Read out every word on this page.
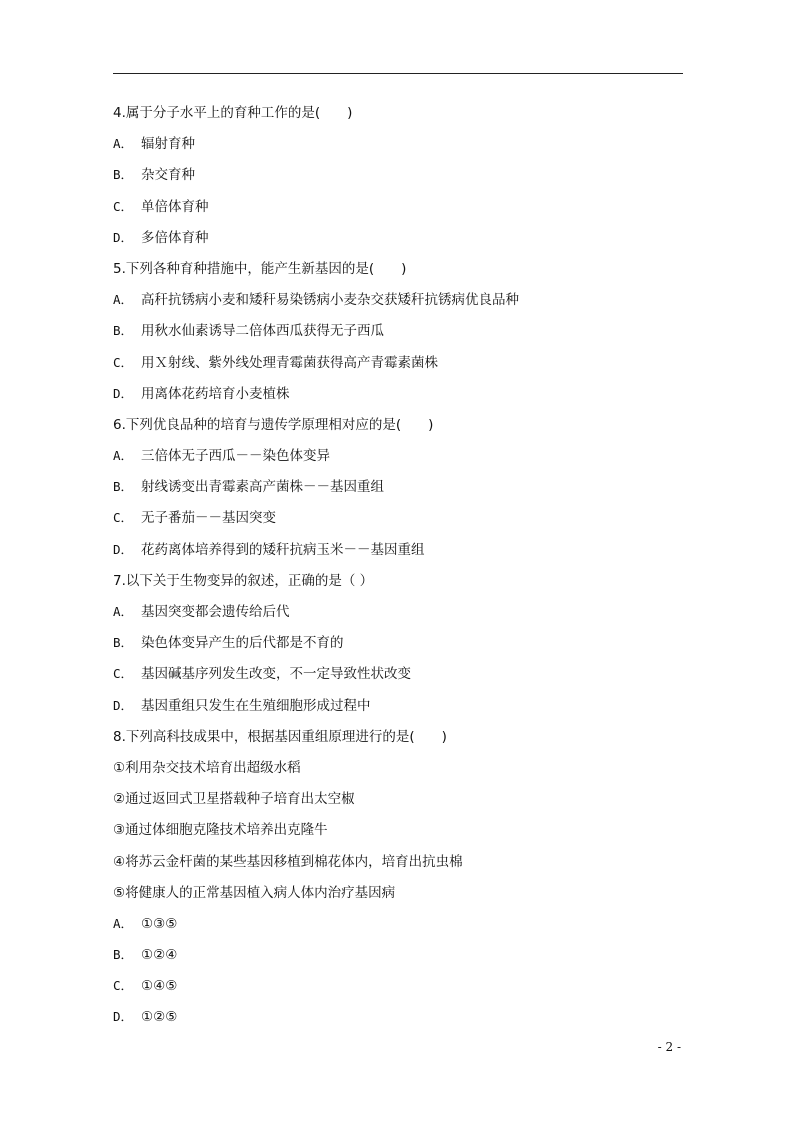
4.属于分子水平上的育种工作的是(　　)
A． 辐射育种
B． 杂交育种
C． 单倍体育种
D． 多倍体育种
5.下列各种育种措施中，能产生新基因的是(　　)
A． 高秆抗锈病小麦和矮秆易染锈病小麦杂交获矮秆抗锈病优良品种
B． 用秋水仙素诱导二倍体西瓜获得无子西瓜
C． 用Ｘ射线、紫外线处理青霉菌获得高产青霉素菌株
D． 用离体花药培育小麦植株
6.下列优良品种的培育与遗传学原理相对应的是(　　)
A． 三倍体无子西瓜－－染色体变异
B． 射线诱变出青霉素高产菌株－－基因重组
C． 无子番茄－－基因突变
D． 花药离体培养得到的矮秆抗病玉米－－基因重组
7.以下关于生物变异的叙述，正确的是（ ）
A． 基因突变都会遗传给后代
B． 染色体变异产生的后代都是不育的
C． 基因碱基序列发生改变，不一定导致性状改变
D． 基因重组只发生在生殖细胞形成过程中
8.下列高科技成果中，根据基因重组原理进行的是(　　)
①利用杂交技术培育出超级水稻
②通过返回式卫星搭载种子培育出太空椒
③通过体细胞克隆技术培养出克隆牛
④将苏云金杆菌的某些基因移植到棉花体内，培育出抗虫棉
⑤将健康人的正常基因植入病人体内治疗基因病
A． ①③⑤
B． ①②④
C． ①④⑤
D． ①②⑤
- 2 -
